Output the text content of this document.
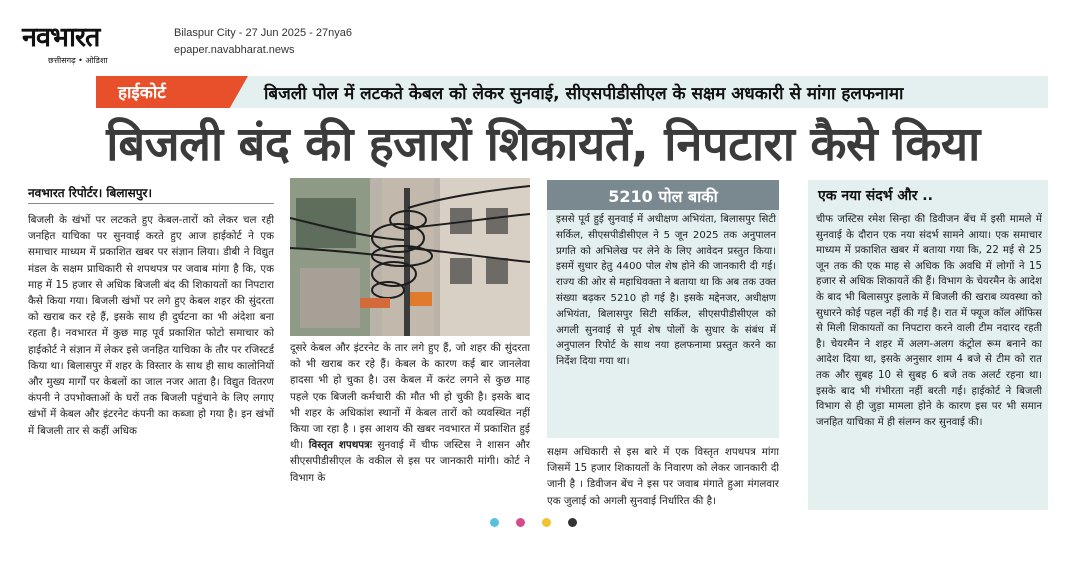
नवभारत
छत्तीसगढ़ • ओडिशा
Bilaspur City - 27 Jun 2025 - 27nya6
epaper.navabharat.news
हाईकोर्ट	बिजली पोल में लटकते केबल को लेकर सुनवाई, सीएसपीडीसीएल के सक्षम अधकारी से मांगा हलफनामा
बिजली बंद की हजारों शिकायतें, निपटारा कैसे किया
नवभारत रिपोर्टर। बिलासपुर।
बिजली के खंभों पर लटकते हुए केबल-तारों को लेकर चल रही जनहित याचिका पर सुनवाई करते हुए आज हाईकोर्ट ने एक समाचार माध्यम में प्रकाशित खबर पर संज्ञान लिया। डीबी ने विद्युत मंडल के सक्षम प्राधिकारी से शपथपत्र पर जवाब मांगा है कि, एक माह में 15 हजार से अधिक बिजली बंद की शिकायतों का निपटारा कैसे किया गया। बिजली खंभों पर लगे हुए केबल शहर की सुंदरता को खराब कर रहे हैं, इसके साथ ही दुर्घटना का भी अंदेशा बना रहता है। नवभारत में कुछ माह पूर्व प्रकाशित फोटो समाचार को हाईकोर्ट ने संज्ञान में लेकर इसे जनहित याचिका के तौर पर रजिस्टर्ड किया था। बिलासपुर में शहर के विस्तार के साथ ही साथ कालोनियों और मुख्य मार्गों पर केबलों का जाल नजर आता है। विद्युत वितरण कंपनी ने उपभोक्ताओं के घरों तक बिजली पहुंचाने के लिए लगाए खंभों में केबल और इंटरनेट कंपनी का कब्जा हो गया है। इन खंभों में बिजली तार से कहीं अधिक
दूसरे केबल और इंटरनेट के तार लगे हुए हैं, जो शहर की सुंदरता को भी खराब कर रहे हैं। केबल के कारण कई बार जानलेवा हादसा भी हो चुका है। उस केबल में करंट लगने से कुछ माह पहले एक बिजली कर्मचारी की मौत भी हो चुकी है। इसके बाद भी शहर के अधिकांश स्थानों में केबल तारों को व्यवस्थित नहीं किया जा रहा है । इस आशय की खबर नवभारत में प्रकाशित हुई थी। विस्तृत शपथपत्रः सुनवाई में चीफ जस्टिस ने शासन और सीएसपीडीसीएल के वकील से इस पर जानकारी मांगी। कोर्ट ने विभाग के
5210 पोल बाकी
इससे पूर्व हुई सुनवाई में अधीक्षण अभियंता, बिलासपुर सिटी सर्किल, सीएसपीडीसीएल ने 5 जून 2025 तक अनुपालन प्रगति को अभिलेख पर लेने के लिए आवेदन प्रस्तुत किया। इसमें सुधार हेतु 4400 पोल शेष होने की जानकारी दी गई। राज्य की ओर से महाधिवक्ता ने बताया था कि अब तक उक्त संख्या बढ़कर 5210 हो गई है। इसके मद्देनजर, अधीक्षण अभियंता, बिलासपुर सिटी सर्किल, सीएसपीडीसीएल को अगली सुनवाई से पूर्व शेष पोलों के सुधार के संबंध में अनुपालन रिपोर्ट के साथ नया हलफनामा प्रस्तुत करने का निर्देश दिया गया था।
सक्षम अधिकारी से इस बारे में एक विस्तृत शपथपत्र मांगा जिसमें 15 हजार शिकायतों के निवारण को लेकर जानकारी दी जानी है । डिवीजन बेंच ने इस पर जवाब मंगाते हुआ मंगलवार एक जुलाई को अगली सुनवाई निर्धारित की है।
एक नया संदर्भ और ..
चीफ जस्टिस रमेश सिन्हा की डिवीजन बेंच में इसी मामले में सुनवाई के दौरान एक नया संदर्भ सामने आया। एक समाचार माध्यम में प्रकाशित खबर में बताया गया कि, 22 मई से 25 जून तक की एक माह से अधिक कि अवधि में लोगों ने 15 हजार से अधिक शिकायतें की हैं। विभाग के चेयरमैन के आदेश के बाद भी बिलासपुर इलाके में बिजली की खराब व्यवस्था को सुधारने कोई पहल नहीं की गई है। रात में फ्यूज कॉल ऑफिस से मिली शिकायतों का निपटारा करने वाली टीम नदारद रहती है। चेयरमैन ने शहर में अलग-अलग कंट्रोल रूम बनाने का आदेश दिया था, इसके अनुसार शाम 4 बजे से टीम को रात तक और सुबह 10 से सुबह 6 बजे तक अलर्ट रहना था। इसके बाद भी गंभीरता नहीं बरती गई। हाईकोर्ट ने बिजली विभाग से ही जुड़ा मामला होने के कारण इस पर भी समान जनहित याचिका में ही संलग्न कर सुनवाई की।
